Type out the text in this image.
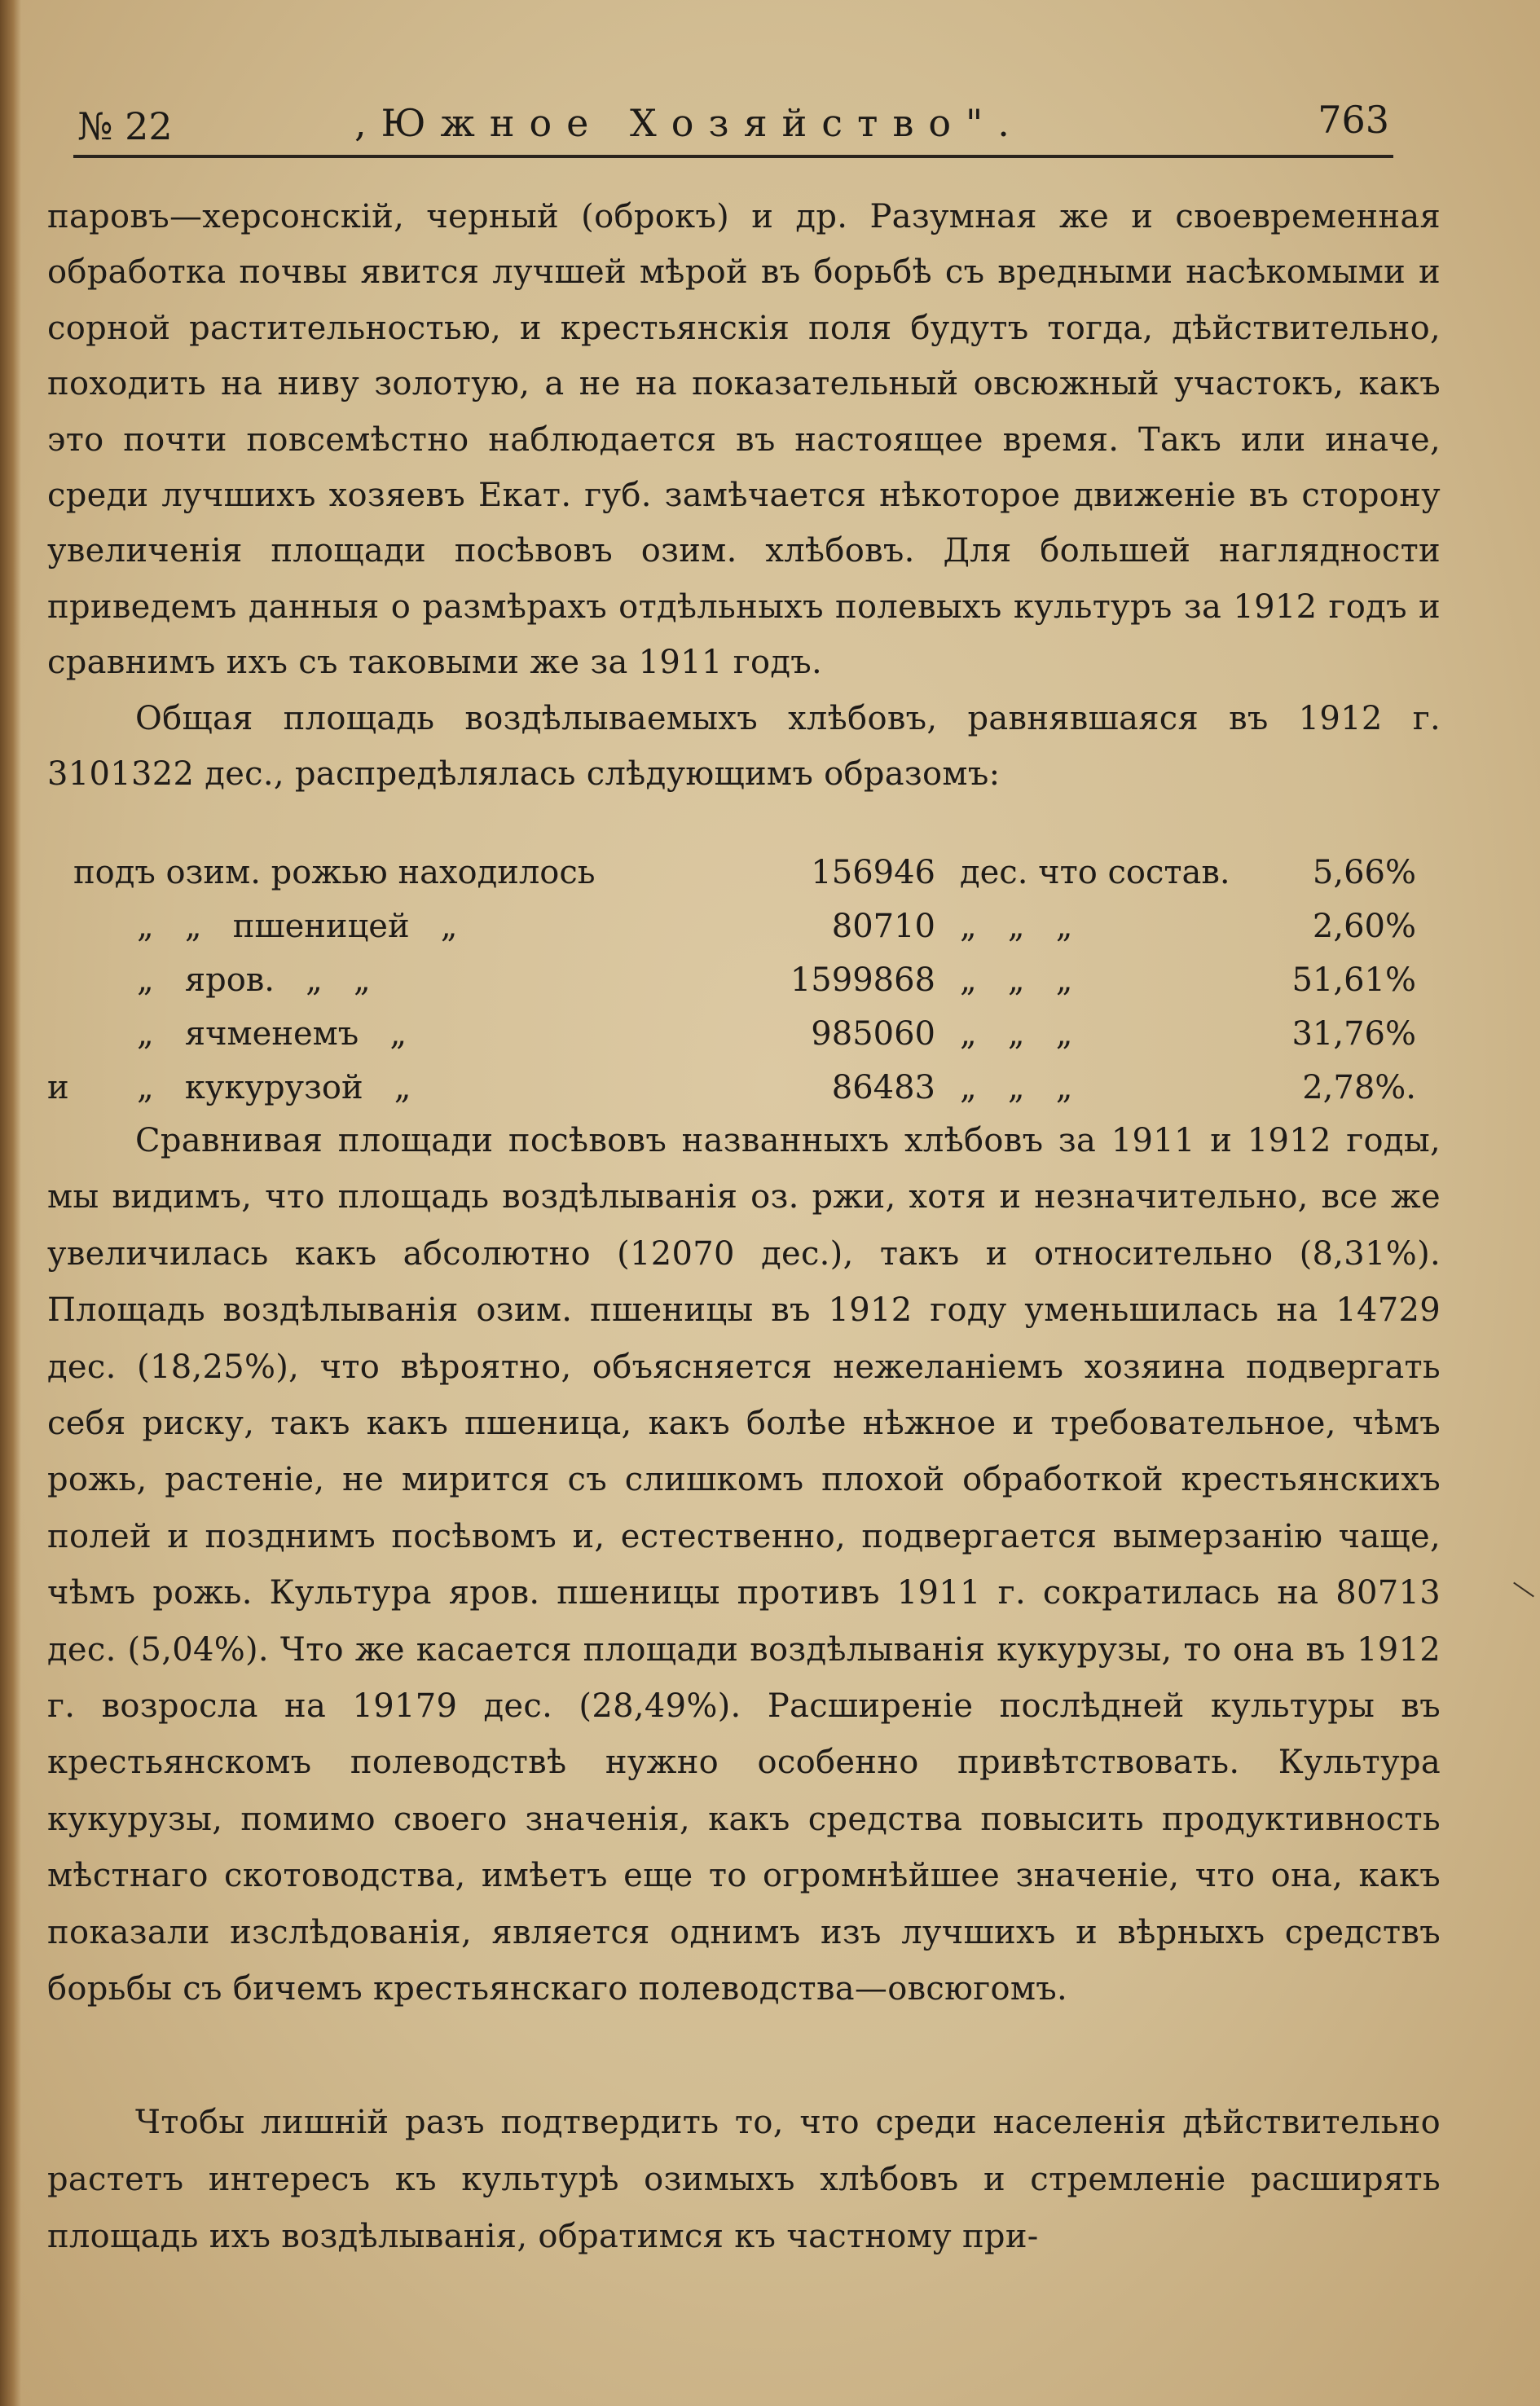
№ 22	,Южное Хозяйство".	763

паровъ—херсонскій, черный (оброкъ) и др. Разумная же и своевременная обработка почвы явится лучшей мѣрой въ борьбѣ съ вредными насѣкомыми и сорной растительностью, и крестьянскія поля будутъ тогда, дѣйствительно, походить на ниву золотую, а не на показательный овсюжный участокъ, какъ это почти повсемѣстно наблюдается въ настоящее время. Такъ или иначе, среди лучшихъ хозяевъ Екат. губ. замѣчается нѣкоторое движеніе въ сторону увеличенія площади посѣвовъ озим. хлѣбовъ. Для большей наглядности приведемъ данныя о размѣрахъ отдѣльныхъ полевыхъ культуръ за 1912 годъ и сравнимъ ихъ съ таковыми же за 1911 годъ.

Общая площадь воздѣлываемыхъ хлѣбовъ, равнявшаяся въ 1912 г. 3101322 дес., распредѣлялась слѣдующимъ образомъ:

подъ озим. рожью находилось	156946 дес. что состав.	5,66%
„   „   пшеницей   „	80710 „   „   „	2,60%
„   яров.   „   „	1599868 „   „   „	51,61%
„   ячменемъ   „	985060 „   „   „	31,76%
и „   кукурузой   „	86483 „   „   „	2,78%.

Сравнивая площади посѣвовъ названныхъ хлѣбовъ за 1911 и 1912 годы, мы видимъ, что площадь воздѣлыванія оз. ржи, хотя и незначительно, все же увеличилась какъ абсолютно (12070 дес.), такъ и относительно (8,31%). Площадь воздѣлыванія озим. пшеницы въ 1912 году уменьшилась на 14729 дес. (18,25%), что вѣроятно, объясняется нежеланіемъ хозяина подвергать себя риску, такъ какъ пшеница, какъ болѣе нѣжное и требовательное, чѣмъ рожь, растеніе, не мирится съ слишкомъ плохой обработкой крестьянскихъ полей и позднимъ посѣвомъ и, естественно, подвергается вымерзанію чаще, чѣмъ рожь. Культура яров. пшеницы противъ 1911 г. сократилась на 80713 дес. (5,04%). Что же касается площади воздѣлыванія кукурузы, то она въ 1912 г. возросла на 19179 дес. (28,49%). Расширеніе послѣдней культуры въ крестьянскомъ полеводствѣ нужно особенно привѣтствовать. Культура кукурузы, помимо своего значенія, какъ средства повысить продуктивность мѣстнаго скотоводства, имѣетъ еще то огромнѣйшее значеніе, что она, какъ показали изслѣдованія, является однимъ изъ лучшихъ и вѣрныхъ средствъ борьбы съ бичемъ крестьянскаго полеводства—овсюгомъ.

Чтобы лишній разъ подтвердить то, что среди населенія дѣйствительно растетъ интересъ къ культурѣ озимыхъ хлѣбовъ и стремленіе расширять площадь ихъ воздѣлыванія, обратимся къ частному при-
